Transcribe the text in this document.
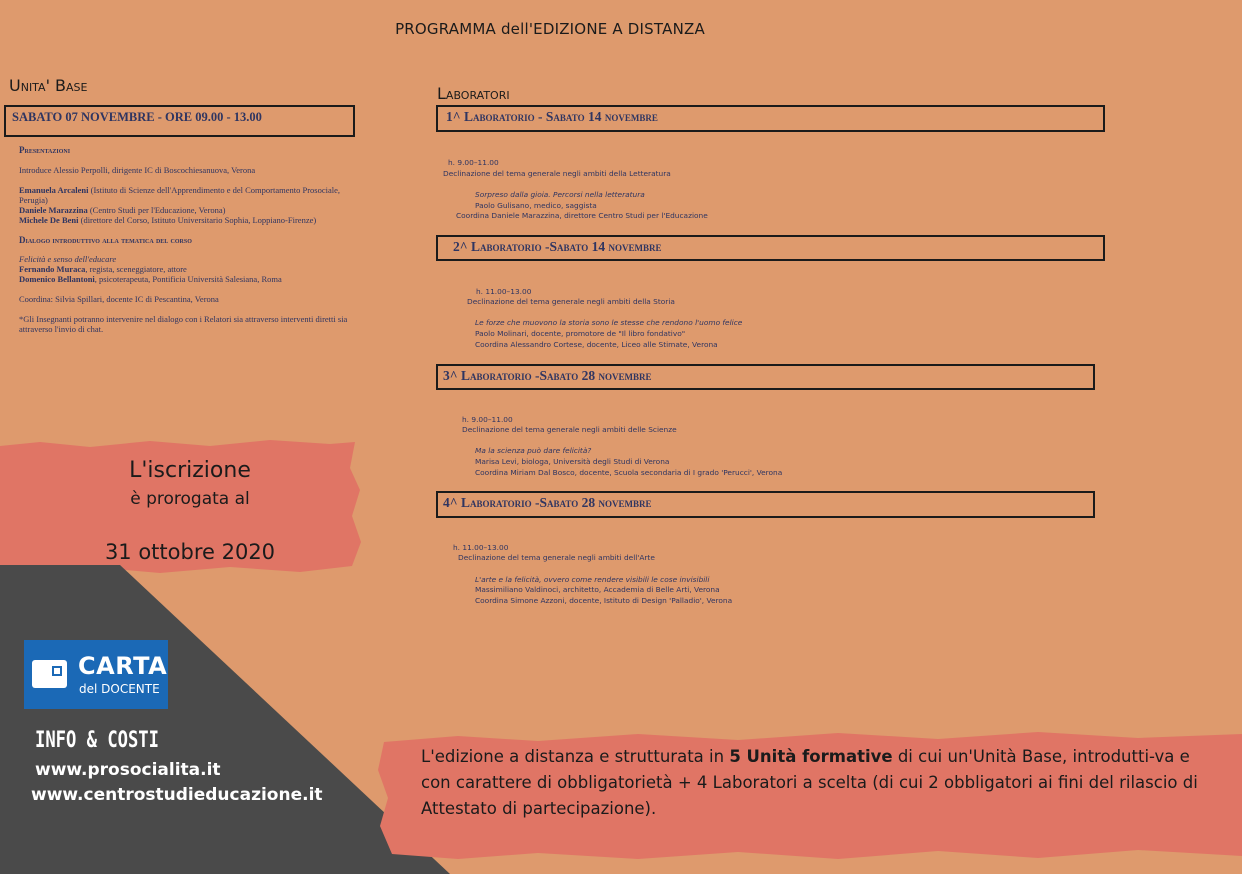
PROGRAMMA dell'EDIZIONE A DISTANZA
Unita' Base
SABATO 07 NOVEMBRE - ORE 09.00 - 13.00
Presentazioni
Introduce Alessio Perpolli, dirigente IC di Boscochiesanuova, Verona
Emanuela Arcaleni (Istituto di Scienze dell'Apprendimento e del Comportamento Prosociale, Perugia)
Daniele Marazzina (Centro Studi per l'Educazione, Verona)
Michele De Beni (direttore del Corso, Istituto Universitario Sophia, Loppiano-Firenze)
Dialogo introduttivo alla tematica del corso
Felicità e senso dell'educare
Fernando Muraca, regista, sceneggiatore, attore
Domenico Bellantoni, psicoterapeuta, Pontificia Università Salesiana, Roma
Coordina: Silvia Spillari, docente IC di Pescantina, Verona
*Gli Insegnanti potranno intervenire nel dialogo con i Relatori sia attraverso interventi diretti sia attraverso l'invio di chat.
L'iscrizione
è prorogata al
31 ottobre 2020
CARTA
del DOCENTE
INFO & COSTI
www.prosocialita.it
www.centrostudieducazione.it
Laboratori
1^ Laboratorio - Sabato 14 novembre
h. 9.00–11.00
Declinazione del tema generale negli ambiti della Letteratura
Sorpreso dalla gioia. Percorsi nella letteratura
Paolo Gulisano, medico, saggista
Coordina Daniele Marazzina, direttore Centro Studi per l'Educazione
2^ Laboratorio -Sabato 14 novembre
h. 11.00–13.00
Declinazione del tema generale negli ambiti della Storia
Le forze che muovono la storia sono le stesse che rendono l'uomo felice
Paolo Molinari, docente, promotore de "Il libro fondativo"
Coordina Alessandro Cortese, docente, Liceo alle Stimate, Verona
3^ Laboratorio -Sabato 28 novembre
h. 9.00–11.00
Declinazione del tema generale negli ambiti delle Scienze
Ma la scienza può dare felicità?
Marisa Levi, biologa, Università degli Studi di Verona
Coordina Miriam Dal Bosco, docente, Scuola secondaria di I grado 'Perucci', Verona
4^ Laboratorio -Sabato 28 novembre
h. 11.00–13.00
Declinazione del tema generale negli ambiti dell'Arte
L'arte e la felicità, ovvero come rendere visibili le cose invisibili
Massimiliano Valdinoci, architetto, Accademia di Belle Arti, Verona
Coordina Simone Azzoni, docente, Istituto di Design 'Palladio', Verona
L'edizione a distanza e strutturata in 5 Unità formative di cui un'Unità Base, introdutti-va e con carattere di obbligatorietà + 4 Laboratori a scelta (di cui 2 obbligatori ai fini del rilascio di Attestato di partecipazione).
